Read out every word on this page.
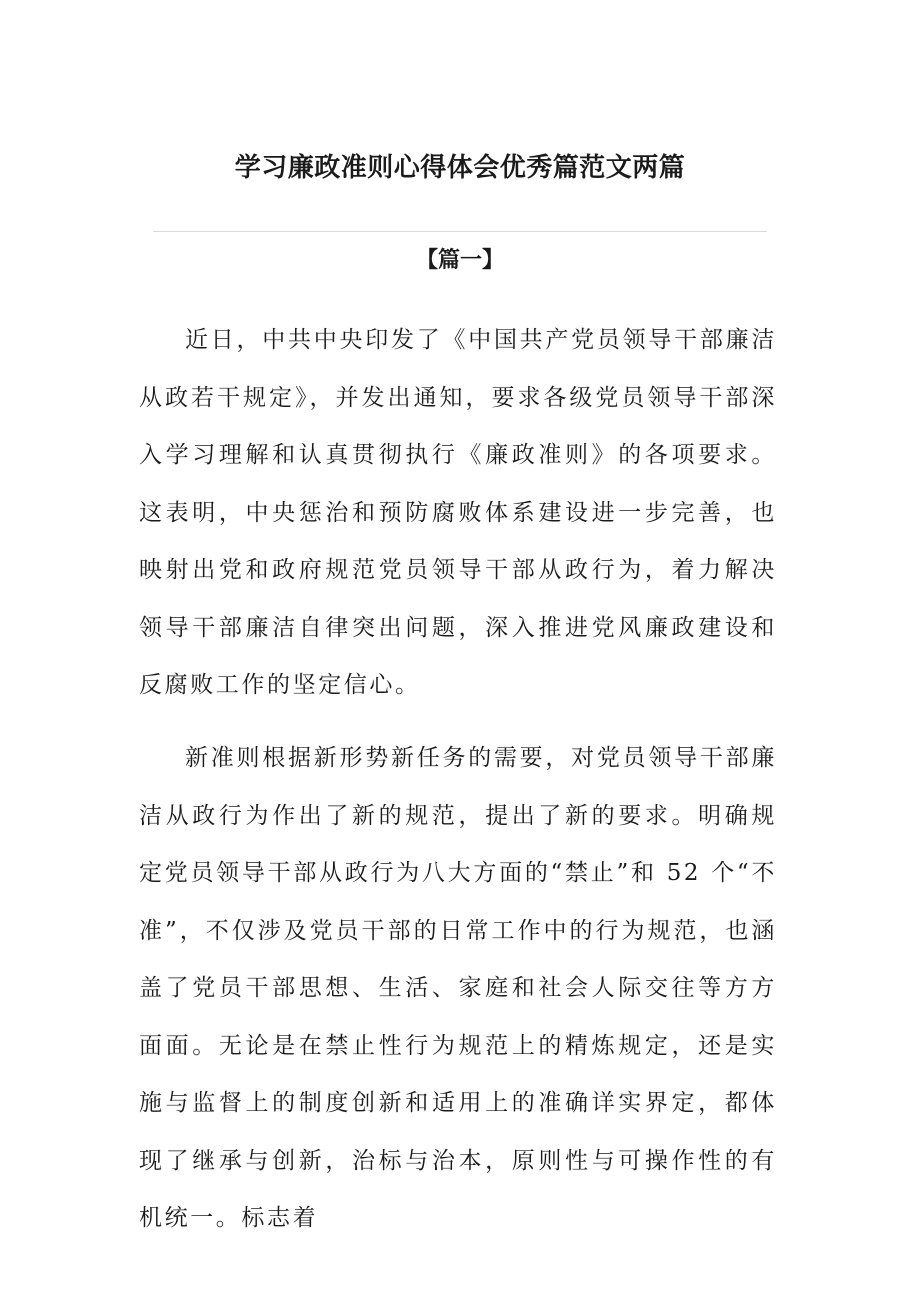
学习廉政准则心得体会优秀篇范文两篇
【篇一】

近日，中共中央印发了《中国共产党员领导干部廉洁从政若干规定》，并发出通知，要求各级党员领导干部深入学习理解和认真贯彻执行《廉政准则》的各项要求。这表明，中央惩治和预防腐败体系建设进一步完善，也映射出党和政府规范党员领导干部从政行为，着力解决领导干部廉洁自律突出问题，深入推进党风廉政建设和反腐败工作的坚定信心。

新准则根据新形势新任务的需要，对党员领导干部廉洁从政行为作出了新的规范，提出了新的要求。明确规定党员领导干部从政行为八大方面的“禁止”和 52 个“不准”，不仅涉及党员干部的日常工作中的行为规范，也涵盖了党员干部思想、生活、家庭和社会人际交往等方方面面。无论是在禁止性行为规范上的精炼规定，还是实施与监督上的制度创新和适用上的准确详实界定，都体现了继承与创新，治标与治本，原则性与可操作性的有机统一。标志着
